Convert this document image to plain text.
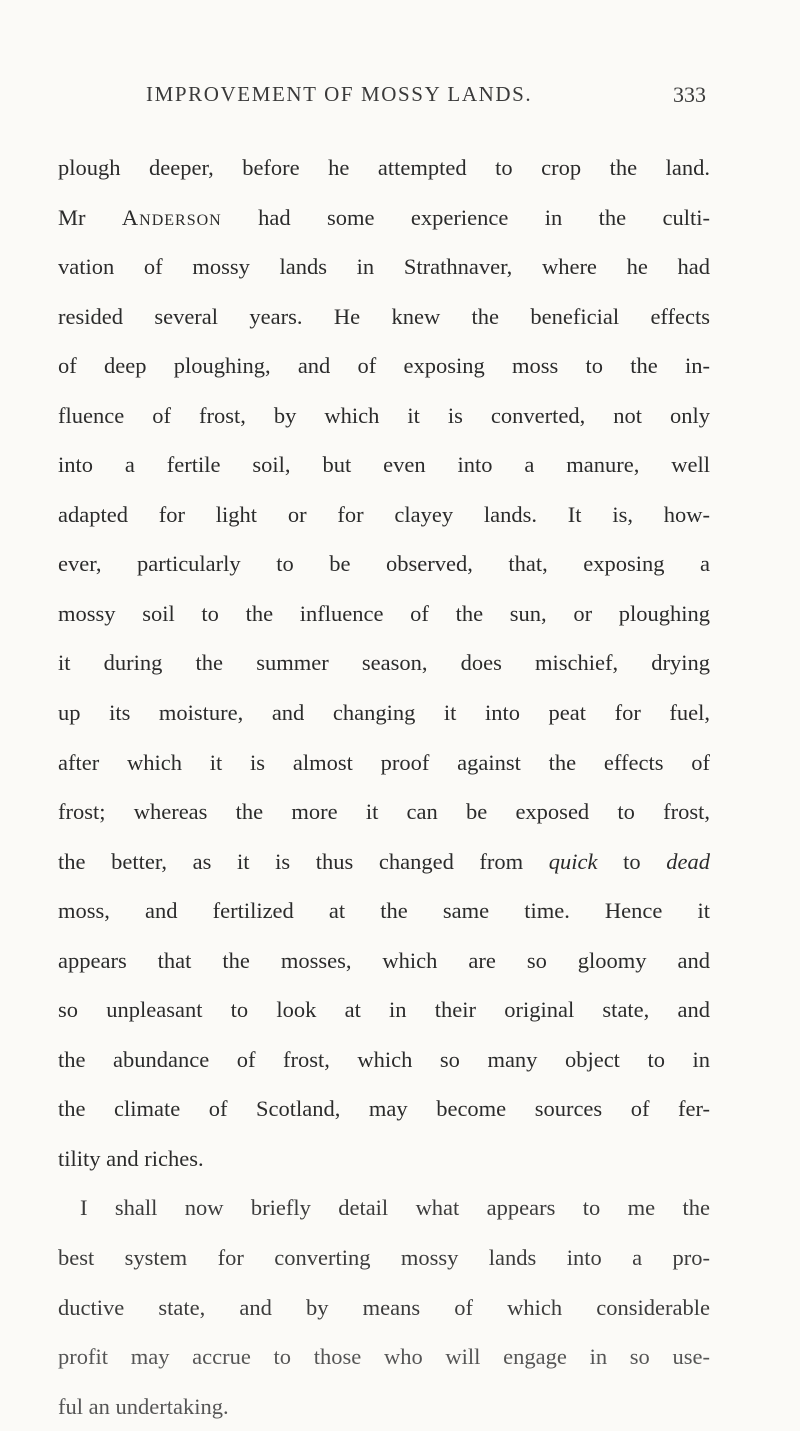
IMPROVEMENT OF MOSSY LANDS.	333
plough deeper, before he attempted to crop the land.
Mr Anderson had some experience in the culti-
vation of mossy lands in Strathnaver, where he had
resided several years. He knew the beneficial effects
of deep ploughing, and of exposing moss to the in-
fluence of frost, by which it is converted, not only
into a fertile soil, but even into a manure, well
adapted for light or for clayey lands. It is, how-
ever, particularly to be observed, that, exposing a
mossy soil to the influence of the sun, or ploughing
it during the summer season, does mischief, drying
up its moisture, and changing it into peat for fuel,
after which it is almost proof against the effects of
frost; whereas the more it can be exposed to frost,
the better, as it is thus changed from quick to dead
moss, and fertilized at the same time. Hence it
appears that the mosses, which are so gloomy and
so unpleasant to look at in their original state, and
the abundance of frost, which so many object to in
the climate of Scotland, may become sources of fer-
tility and riches.
I shall now briefly detail what appears to me the
best system for converting mossy lands into a pro-
ductive state, and by means of which considerable
profit may accrue to those who will engage in so use-
ful an undertaking.
